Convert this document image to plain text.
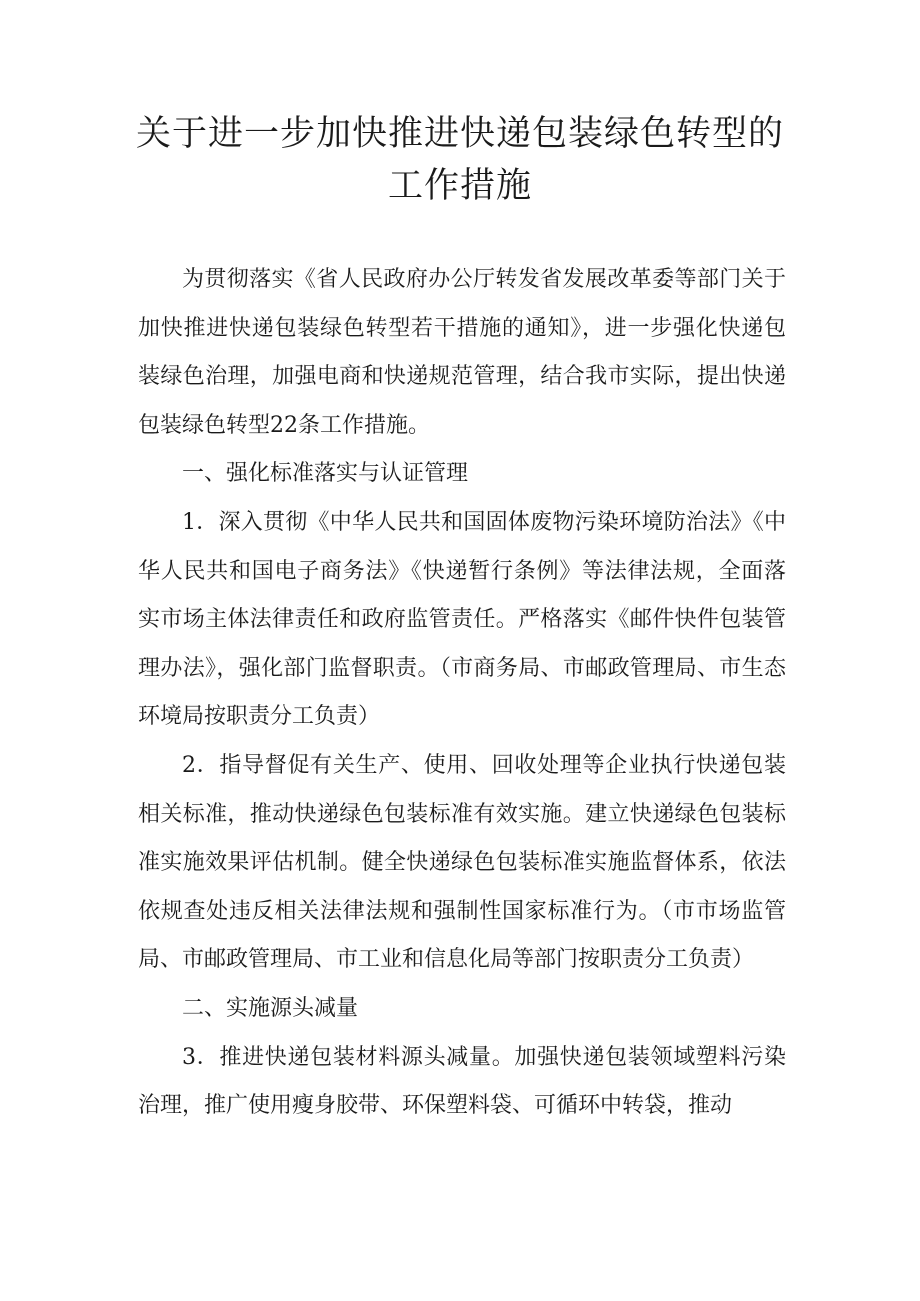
关于进一步加快推进快递包装绿色转型的
工作措施

为贯彻落实《省人民政府办公厅转发省发展改革委等部门关于加快推进快递包装绿色转型若干措施的通知》，进一步强化快递包装绿色治理，加强电商和快递规范管理，结合我市实际，提出快递包装绿色转型22条工作措施。

一、强化标准落实与认证管理

1．深入贯彻《中华人民共和国固体废物污染环境防治法》《中华人民共和国电子商务法》《快递暂行条例》等法律法规，全面落实市场主体法律责任和政府监管责任。严格落实《邮件快件包装管理办法》，强化部门监督职责。（市商务局、市邮政管理局、市生态环境局按职责分工负责）

2．指导督促有关生产、使用、回收处理等企业执行快递包装相关标准，推动快递绿色包装标准有效实施。建立快递绿色包装标准实施效果评估机制。健全快递绿色包装标准实施监督体系，依法依规查处违反相关法律法规和强制性国家标准行为。（市市场监管局、市邮政管理局、市工业和信息化局等部门按职责分工负责）

二、实施源头减量

3．推进快递包装材料源头减量。加强快递包装领域塑料污染治理，推广使用瘦身胶带、环保塑料袋、可循环中转袋，推动
